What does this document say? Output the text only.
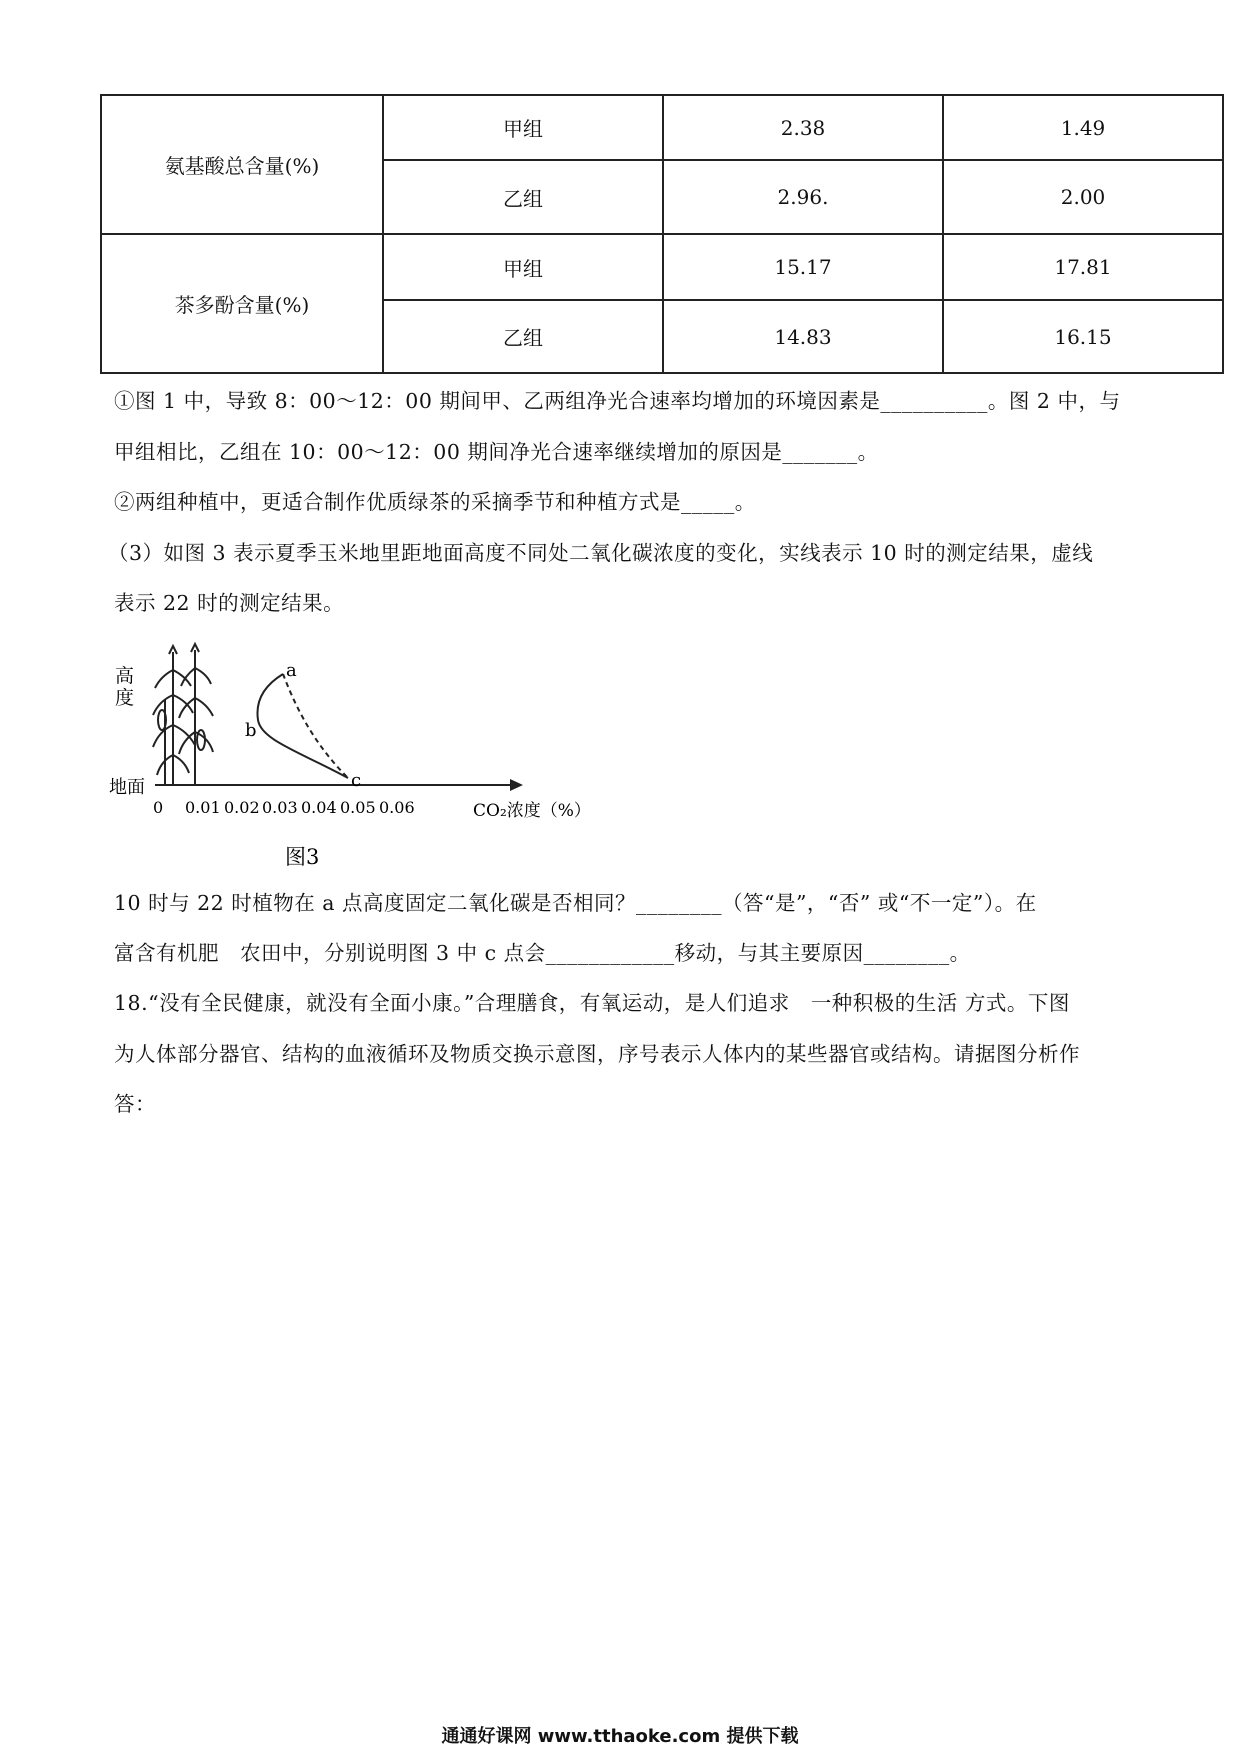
氨基酸总含量(%)	甲组	2.38	1.49
	乙组	2.96.	2.00
茶多酚含量(%)	甲组	15.17	17.81
	乙组	14.83	16.15
①图 1 中，导致 8：00～12：00 期间甲、乙两组净光合速率均增加的环境因素是__________。图 2 中，与
甲组相比，乙组在 10：00～12：00 期间净光合速率继续增加的原因是_______。
②两组种植中，更适合制作优质绿茶的采摘季节和种植方式是_____。
（3）如图 3 表示夏季玉米地里距地面高度不同处二氧化碳浓度的变化，实线表示 10 时的测定结果，虚线
表示 22 时的测定结果。
高
度
地面
a
b
c
0 0.01 0.02 0.03 0.04 0.05 0.06	CO₂浓度（%）
图3
10 时与 22 时植物在 a 点高度固定二氧化碳是否相同？________（答“是”，“否” 或“不一定”）。在
富含有机肥　农田中，分别说明图 3 中 c 点会____________移动，与其主要原因________。
18.“没有全民健康，就没有全面小康。”合理膳食，有氧运动，是人们追求　一种积极的生活 方式。下图
为人体部分器官、结构的血液循环及物质交换示意图，序号表示人体内的某些器官或结构。请据图分析作
答：
通通好课网 www.tthaoke.com 提供下载
